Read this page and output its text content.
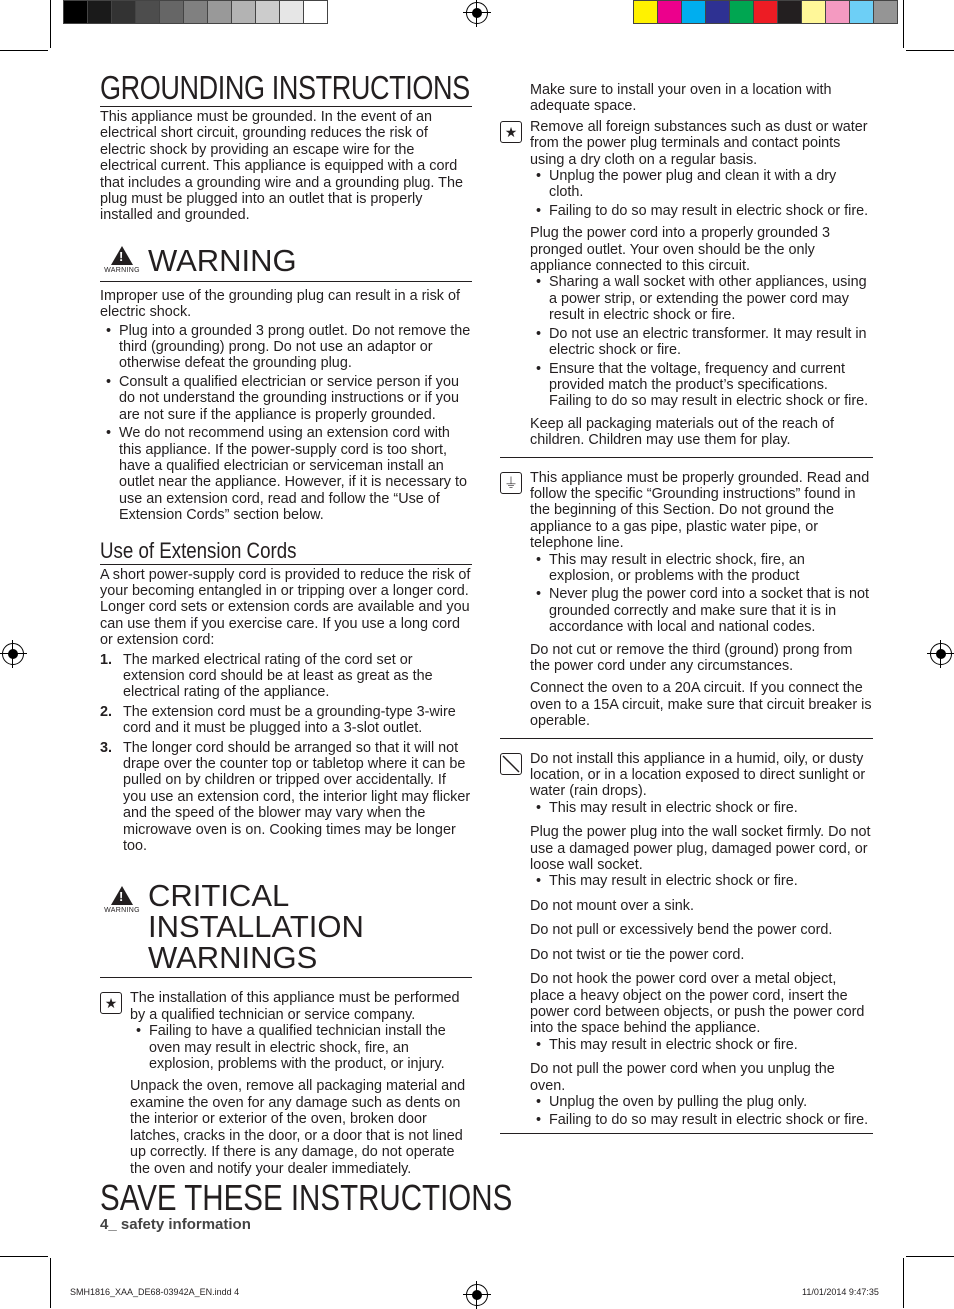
GROUNDING INSTRUCTIONS

This appliance must be grounded. In the event of an electrical short circuit, grounding reduces the risk of electric shock by providing an escape wire for the electrical current. This appliance is equipped with a cord that includes a grounding wire and a grounding plug. The plug must be plugged into an outlet that is properly installed and grounded.

!
WARNING WARNING

Improper use of the grounding plug can result in a risk of electric shock.

• Plug into a grounded 3 prong outlet. Do not remove the third (grounding) prong. Do not use an adaptor or otherwise defeat the grounding plug.
• Consult a qualified electrician or service person if you do not understand the grounding instructions or if you are not sure if the appliance is properly grounded.
• We do not recommend using an extension cord with this appliance. If the power-supply cord is too short, have a qualified electrician or serviceman install an outlet near the appliance. However, if it is necessary to use an extension cord, read and follow the “Use of Extension Cords” section below.
Use of Extension Cords

A short power-supply cord is provided to reduce the risk of your becoming entangled in or tripping over a longer cord. Longer cord sets or extension cords are available and you can use them if you exercise care. If you use a long cord or extension cord:

1. The marked electrical rating of the cord set or extension cord should be at least as great as the electrical rating of the appliance.
2. The extension cord must be a grounding-type 3-wire cord and it must be plugged into a 3-slot outlet.
3. The longer cord should be arranged so that it will not drape over the counter top or tabletop where it can be pulled on by children or tripped over accidentally. If you use an extension cord, the interior light may flicker and the speed of the blower may vary when the microwave oven is on. Cooking times may be longer too.
!
WARNING CRITICAL
INSTALLATION
WARNINGS
★ The installation of this appliance must be performed by a qualified technician or service company.

• Failing to have a qualified technician install the oven may result in electric shock, fire, an explosion, problems with the product, or injury.

Unpack the oven, remove all packaging material and examine the oven for any damage such as dents on the interior or exterior of the oven, broken door latches, cracks in the door, or a door that is not lined up correctly. If there is any damage, do not operate the oven and notify your dealer immediately.

Make sure to install your oven in a location with adequate space.

★ Remove all foreign substances such as dust or water from the power plug terminals and contact points using a dry cloth on a regular basis.

• Unplug the power plug and clean it with a dry cloth.
• Failing to do so may result in electric shock or fire.

Plug the power cord into a properly grounded 3 pronged outlet. Your oven should be the only appliance connected to this circuit.

• Sharing a wall socket with other appliances, using a power strip, or extending the power cord may result in electric shock or fire.
• Do not use an electric transformer. It may result in electric shock or fire.
• Ensure that the voltage, frequency and current provided match the product’s specifications. Failing to do so may result in electric shock or fire.

Keep all packaging materials out of the reach of children. Children may use them for play.

⏚ This appliance must be properly grounded. Read and follow the specific “Grounding instructions” found in the beginning of this Section. Do not ground the appliance to a gas pipe, plastic water pipe, or telephone line.

• This may result in electric shock, fire, an explosion, or problems with the product
• Never plug the power cord into a socket that is not grounded correctly and make sure that it is in accordance with local and national codes.

Do not cut or remove the third (ground) prong from the power cord under any circumstances.

Connect the oven to a 20A circuit. If you connect the oven to a 15A circuit, make sure that circuit breaker is operable.

Do not install this appliance in a humid, oily, or dusty location, or in a location exposed to direct sunlight or water (rain drops).

• This may result in electric shock or fire.

Plug the power plug into the wall socket firmly. Do not use a damaged power plug, damaged power cord, or loose wall socket.

• This may result in electric shock or fire.

Do not mount over a sink.

Do not pull or excessively bend the power cord.

Do not twist or tie the power cord.

Do not hook the power cord over a metal object, place a heavy object on the power cord, insert the power cord between objects, or push the power cord into the space behind the appliance.

• This may result in electric shock or fire.

Do not pull the power cord when you unplug the oven.

• Unplug the oven by pulling the plug only.
• Failing to do so may result in electric shock or fire.
SAVE THESE INSTRUCTIONS
4_ safety information
SMH1816_XAA_DE68-03942A_EN.indd 4	11/01/2014 9:47:35
